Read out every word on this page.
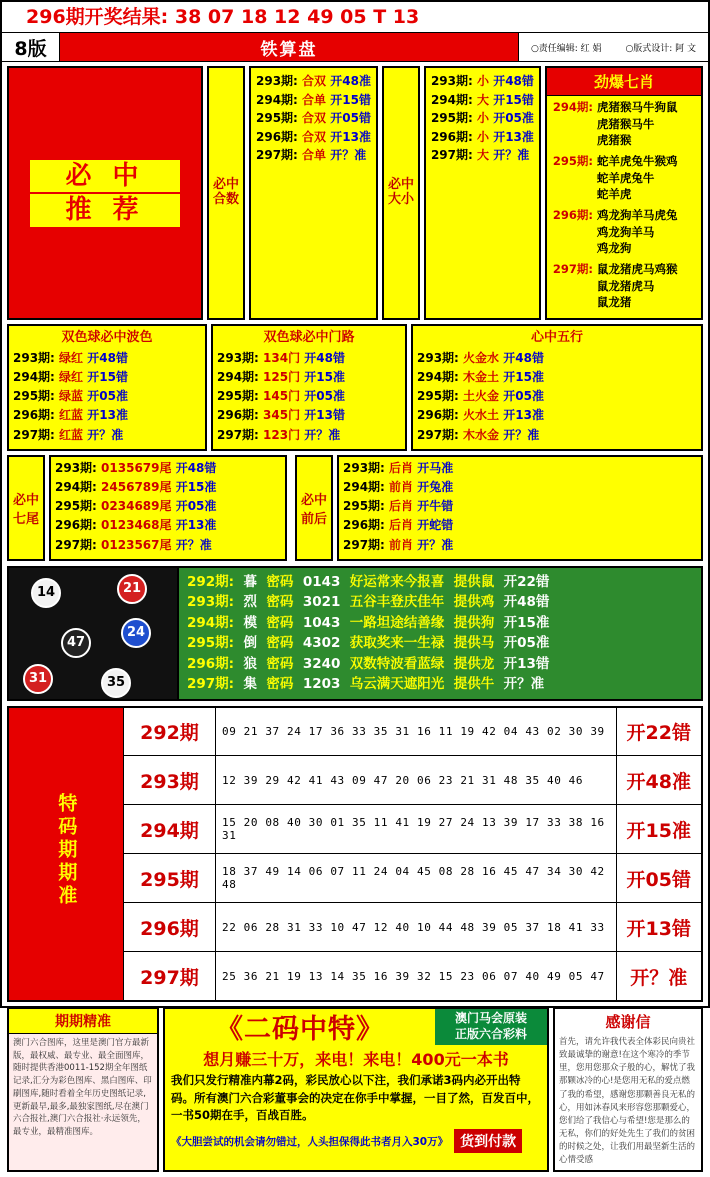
296期开奖结果: 38 07 18 12 49 05 T 13
8版	铁算盘	○责任编辑: 红 娟	○版式设计: 阿 文
必 中
推 荐
必中合数
293期: 合双 开48准
294期: 合单 开15错
295期: 合双 开05错
296期: 合双 开13准
297期: 合单 开？准
必中大小
293期: 小 开48错
294期: 大 开15错
295期: 小 开05准
296期: 小 开13准
297期: 大 开？准
劲爆七肖
294期: 虎猪猴马牛狗鼠
虎猪猴马牛
虎猪猴
295期: 蛇羊虎兔牛猴鸡
蛇羊虎兔牛
蛇羊虎
296期: 鸡龙狗羊马虎兔
鸡龙狗羊马
鸡龙狗
297期: 鼠龙猪虎马鸡猴
鼠龙猪虎马
鼠龙猪
双色球必中波色
293期: 绿红 开48错
294期: 绿红 开15错
295期: 绿蓝 开05准
296期: 红蓝 开13准
297期: 红蓝 开？准
双色球必中门路
293期: 134门 开48错
294期: 125门 开15准
295期: 145门 开05准
296期: 345门 开13错
297期: 123门 开？准
心中五行
293期: 火金水 开48错
294期: 木金土 开15准
295期: 土火金 开05准
296期: 火水土 开13准
297期: 木水金 开？准
必中七尾
293期: 0135679尾 开48错
294期: 2456789尾 开15准
295期: 0234689尾 开05准
296期: 0123468尾 开13准
297期: 0123567尾 开？准
必中前后
293期: 后肖 开马准
294期: 前肖 开兔准
295期: 后肖 开牛错
296期: 后肖 开蛇错
297期: 前肖 开？准
14	21
24
47
31	35
292期: 暮 密码 0143 好运常来今报喜 提供鼠 开22错
293期: 烈 密码 3021 五谷丰登庆佳年 提供鸡 开48错
294期: 模 密码 1043 一路坦途结善缘 提供狗 开15准
295期: 倒 密码 4302 获取奖来一生禄 提供马 开05准
296期: 狼 密码 3240 双数特波看蓝绿 提供龙 开13错
297期: 集 密码 1203 乌云满天遮阳光 提供牛 开？准
特码期期准	292期	09 21 37 24 17 36 33 35 31 16 11 19 42 04 43 02 30 39	开22错
	293期	12 39 29 42 41 43 09 47 20 06 23 21 31 48 35 40 46	开48准
	294期	15 20 08 40 30 01 35 11 41 19 27 24 13 39 17 33 38 16 31	开15准
	295期	18 37 49 14 06 07 11 24 04 45 08 28 16 45 47 34 30 42 48	开05错
	296期	22 06 28 31 33 10 47 12 40 10 44 48 39 05 37 18 41 33	开13错
	297期	25 36 21 19 13 14 35 16 39 32 15 23 06 07 40 49 05 47	开？准
期期精准
澳门六合图库，这里是澳门官方最新版，最权威、最专业、最全面图库，随时提供香港0011-152期全年图纸记录,汇分为彩色图库、黑白图库、印刷图库,随时看着全年历史图纸记录,更新最早,最多,最独家图纸,尽在澳门六合报社,澳门六合报社·永远领先，最专业，最精准图库。
《二码中特》	澳门马会原装
正版六合彩料
想月赚三十万，来电！来电！400元一本书
我们只发行精准内幕2码，彩民放心以下注，我们承诺3码内必开出特码。所有澳门六合彩董事会的决定在你手中掌握，一目了然，百发百中，一书50期在手，百战百胜。
《大胆尝试的机会请勿错过，人头担保得此书者月入30万》 货到付款
感谢信
首先，请允许我代表全体彩民向贵社致最诚挚的谢意!在这个寒冷的季节里，您用您那众子般的心，解忧了我那颗冰冷的心!是您用无私的爱点燃了我的希望，感谢您那颗善良无私的心，用如沐春风来形容您那颗爱心，您们给了我信心与希望!您是那么的无私，你们的好处先生了我们的贫困的时候之处，让我们用最坚新生活的心情受感
